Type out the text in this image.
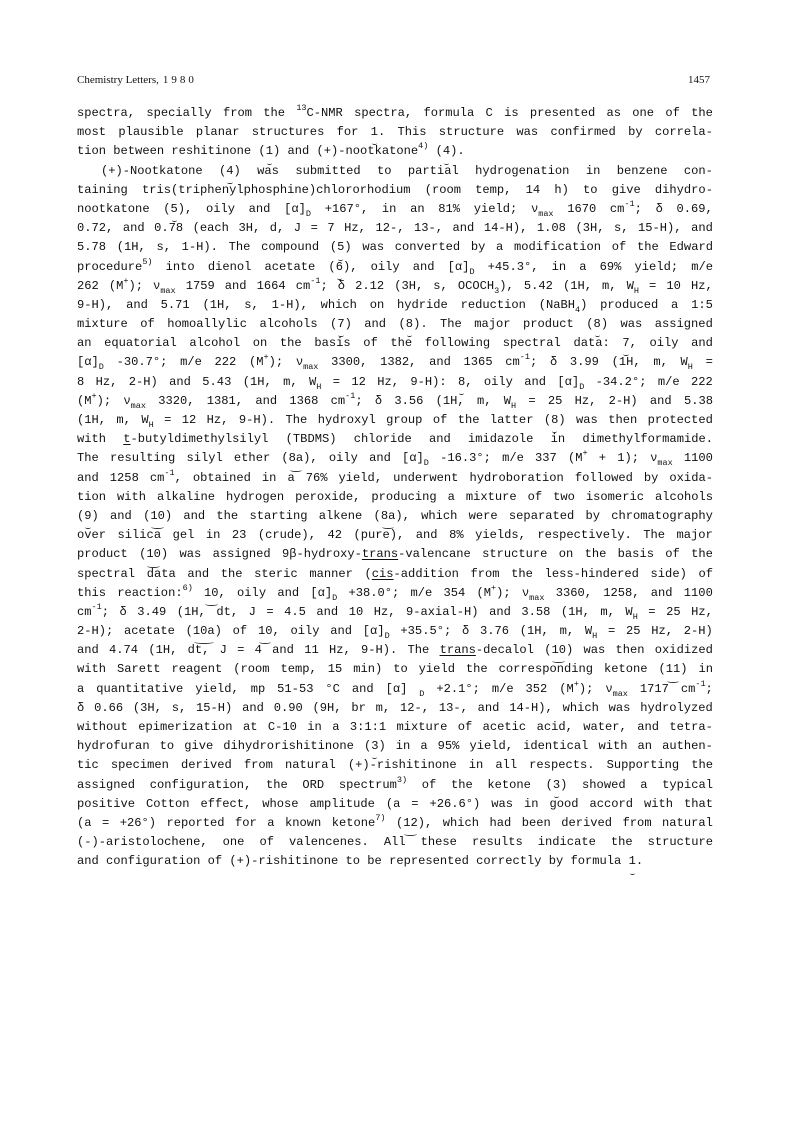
Chemistry Letters, 1980	1457
spectra, specially from the $^{13}$C-NMR spectra, formula C is presented as one of the
most plausible planar structures for 1. This structure was confirmed by correla-
tion between reshitinone (1) and (+)-nootkatone$^{4)}$ (4).
(+)-Nootkatone (4) was submitted to partial hydrogenation in benzene con-
taining tris(triphenylphosphine)chlororhodium (room temp, 14 h) to give dihydro-
nootkatone (5), oily and $[\alpha]_D +167^\circ$, in an 81% yield; $\nu_{max}$ 1670 $cm^{-1}$; δ 0.69,
0.72, and 0.78 (each 3H, d, J = 7 Hz, 12-, 13-, and 14-H), 1.08 (3H, s, 15-H), and
5.78 (1H, s, 1-H). The compound (5) was converted by a modification of the Edward
procedure$^{5)}$ into dienol acetate (6), oily and $[\alpha]_D +45.3^\circ$, in a 69% yield; m/e
262 (M+); $\nu_{max}$ 1759 and 1664 $cm^{-1}$; δ 2.12 (3H, s, $OCOCH_3$), 5.42 (1H, m, $W_H = 10$ Hz,
9-H), and 5.71 (1H, s, 1-H), which on hydride reduction (NaBH$_4$) produced a 1:5
mixture of homoallylic alcohols (7) and (8). The major product (8) was assigned
an equatorial alcohol on the basis of the following spectral data: 7, oily and
$[\alpha]_D$ -30.7°; m/e 222 (M+); $\nu_{max}$ 3300, 1382, and 1365 $cm^{-1}$; δ 3.99 (1H, m, $W_H$ =
8 Hz, 2-H) and 5.43 (1H, m, $W_H = 12$ Hz, 9-H): 8, oily and $[\alpha]_D$ -34.2°; m/e 222
(M+); $\nu_{max}$ 3320, 1381, and 1368 $cm^{-1}$; δ 3.56 (1H, m, $W_H = 25$ Hz, 2-H) and 5.38
(1H, m, $W_H = 12$ Hz, 9-H). The hydroxyl group of the latter (8) was then protected
with t-butyldimethylsilyl (TBDMS) chloride and imidazole in dimethylformamide.
The resulting silyl ether (8a), oily and $[\alpha]_D$ -16.3°; m/e 337 (M+ + 1); $\nu_{max}$ 1100
and 1258 $cm^{-1}$, obtained in a 76% yield, underwent hydroboration followed by oxida-
tion with alkaline hydrogen peroxide, producing a mixture of two isomeric alcohols
(9) and (10) and the starting alkene (8a), which were separated by chromatography
over silica gel in 23 (crude), 42 (pure), and 8% yields, respectively. The major
product (10) was assigned 9β-hydroxy-trans-valencane structure on the basis of the
spectral data and the steric manner (cis-addition from the less-hindered side) of
this reaction:$^{6)}$ 10, oily and $[\alpha]_D +38.0^\circ$; m/e 354 (M+); $\nu_{max}$ 3360, 1258, and 1100
$cm^{-1}$; δ 3.49 (1H, dt, J = 4.5 and 10 Hz, 9-axial-H) and 3.58 (1H, m, $W_H = 25$ Hz,
2-H); acetate (10a) of 10, oily and $[\alpha]_D +35.5^\circ$; δ 3.76 (1H, m, $W_H = 25$ Hz, 2-H)
and 4.74 (1H, dt, J = 4 and 11 Hz, 9-H). The trans-decalol (10) was then oxidized
with Sarett reagent (room temp, 15 min) to yield the corresponding ketone (11) in
a quantitative yield, mp 51-53 °C and [α] $_D$ +2.1°; m/e 352 (M+); $\nu_{max}$ 1717 $cm^{-1}$;
δ 0.66 (3H, s, 15-H) and 0.90 (9H, br m, 12-, 13-, and 14-H), which was hydrolyzed
without epimerization at C-10 in a 3:1:1 mixture of acetic acid, water, and tetra-
hydrofuran to give dihydrorishitinone (3) in a 95% yield, identical with an authen-
tic specimen derived from natural (+)-rishitinone in all respects. Supporting the
assigned configuration, the ORD spectrum$^{3)}$ of the ketone (3) showed a typical
positive Cotton effect, whose amplitude (a = +26.6°) was in good accord with that
(a = +26°) reported for a known ketone$^{7)}$ (12), which had been derived from natural
(-)-aristolochene, one of valencenes. All these results indicate the structure
and configuration of (+)-rishitinone to be represented correctly by formula 1.
